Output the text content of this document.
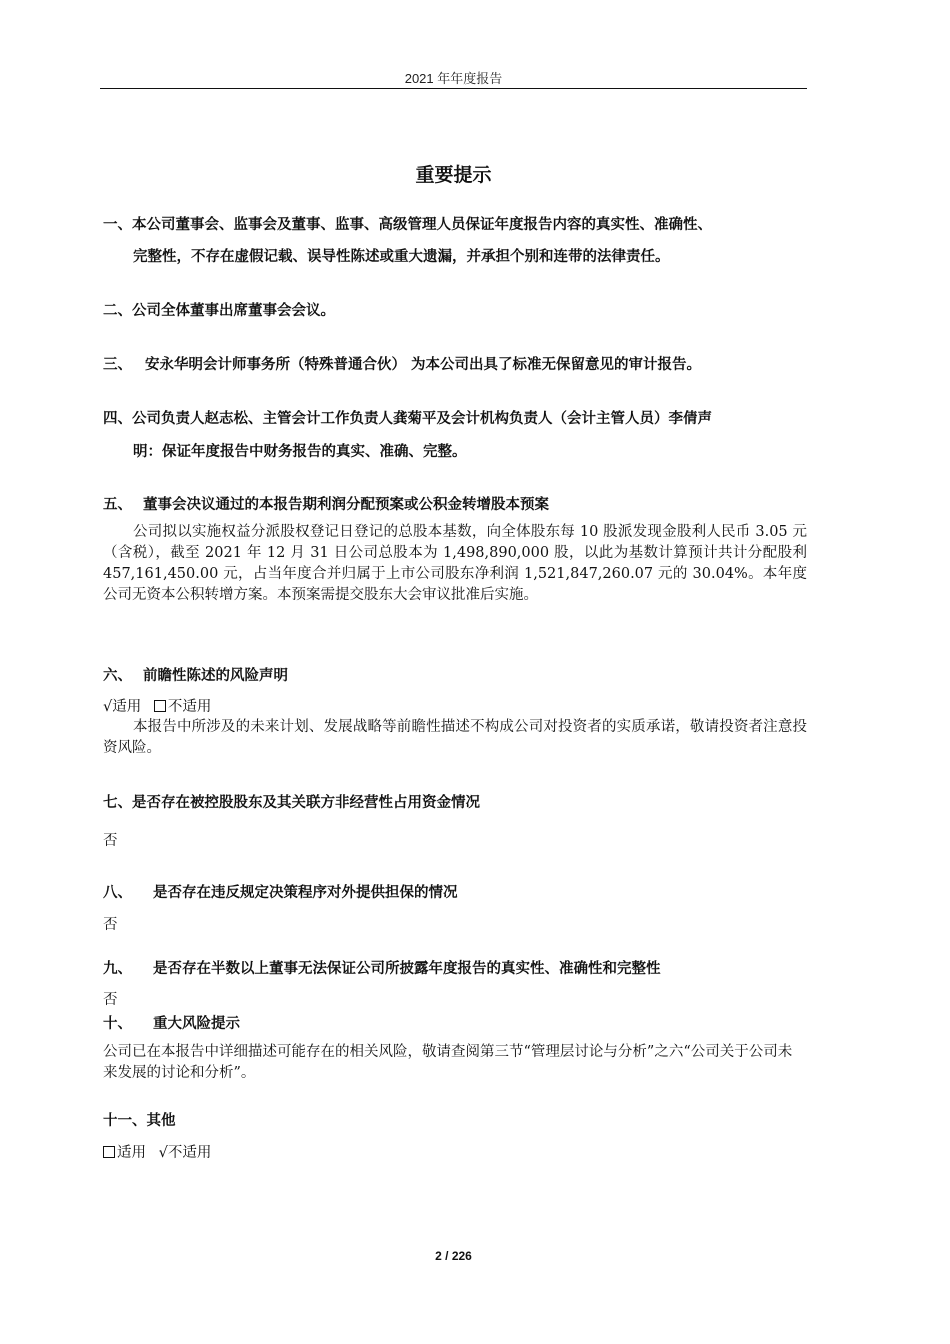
2021 年年度报告
重要提示
一、本公司董事会、监事会及董事、监事、高级管理人员保证年度报告内容的真实性、准确性、
完整性，不存在虚假记载、误导性陈述或重大遗漏，并承担个别和连带的法律责任。
二、公司全体董事出席董事会会议。
三、 安永华明会计师事务所（特殊普通合伙） 为本公司出具了标准无保留意见的审计报告。
四、公司负责人赵志松、主管会计工作负责人龚菊平及会计机构负责人（会计主管人员）李倩声
明：保证年度报告中财务报告的真实、准确、完整。
五、 董事会决议通过的本报告期利润分配预案或公积金转增股本预案
公司拟以实施权益分派股权登记日登记的总股本基数，向全体股东每 10 股派发现金股利人民币 3.05 元（含税），截至 2021 年 12 月 31 日公司总股本为 1,498,890,000 股，以此为基数计算预计共计分配股利 457,161,450.00 元，占当年度合并归属于上市公司股东净利润 1,521,847,260.07 元的 30.04%。本年度公司无资本公积转增方案。本预案需提交股东大会审议批准后实施。
六、 前瞻性陈述的风险声明
√适用 不适用
本报告中所涉及的未来计划、发展战略等前瞻性描述不构成公司对投资者的实质承诺，敬请投资者注意投资风险。
七、是否存在被控股股东及其关联方非经营性占用资金情况
否
八、 是否存在违反规定决策程序对外提供担保的情况
否
九、 是否存在半数以上董事无法保证公司所披露年度报告的真实性、准确性和完整性
否
十、 重大风险提示
公司已在本报告中详细描述可能存在的相关风险，敬请查阅第三节“管理层讨论与分析”之六“公司关于公司未来发展的讨论和分析”。
十一、其他
适用 √不适用
2 / 226
